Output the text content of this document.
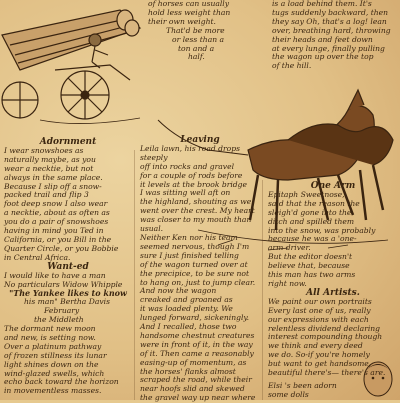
of horses can usually

hold less weight than

their own weight.

That'd be more

or less than a

ton and a

half.

is a load behind them. It's

tugs suddenly backward, then

they say Oh, that's a log! lean

over, breathing hard, throwing

their heads and feet down

at every lunge, finally pulling

the wagon up over the top

of the hill.

Adornment

I wear snowshoes as

naturally maybe, as you

wear a necktie, but not

always in the same place.

Because I slip off a snow-

packed trail and flip 3

foot deep snow I also wear

a necktie, about as often as

you do a pair of snowshoes

having in mind you Ted in

California, or you Bill in the

Quarter Circle, or you Bobbie

in Central Africa.

Want-ed

I would like to have a man

No particulars Widow Whipple

"The Yankee likes to know

his man" Bertha Davis

February

the Middleth

The dormant new moon

and new, is setting now.

Over a platinum pathway

of frozen stillness its lunar

light shines down on the

wind-glazed swells, which

echo back toward the horizon

in movementless masses.

Leaving

Leila lawn, his road drops steeply

off into rocks and gravel

for a couple of rods before

it levels at the brook bridge

I was sitting well aft on

the highland, shouting as we

went over the crest. My heart

was closer to my mouth than

usual.

Neither Ken nor his team

seemed nervous, though I'm

sure I just finished telling

of the wagon turned over at

the precipice, to be sure not

to hang on, just to jump clear.

And now the wagon

creaked and groaned as

it was loaded plenty. We

lunged forward, sickeningly.

And I recalled, those two

handsome chestnut creatures

were in front of it, in the way

of it. Then came a reasonably

easing-up of momentum, as

the horses' flanks almost

scraped the road, while their

near hoofs slid and skewed

the gravel way up near where

One Arm

Epitaph Sweetnose,

said that the reason the

sleigh'd gone into the

ditch and spilled them

into the snow, was probably

because he was a 'one-

arm driver.

But the editor doesn't

believe that, because

this man has two arms

right now.

All Artists.

We paint our own portraits

Every last one of us, really

our expressions with each

relentless dividend declaring

interest compounding though

we think and every deed

we do. So-if you're homely

but want to get handsome,

beautiful there's— there's are.

Elsi 's been adorn

some dolls
